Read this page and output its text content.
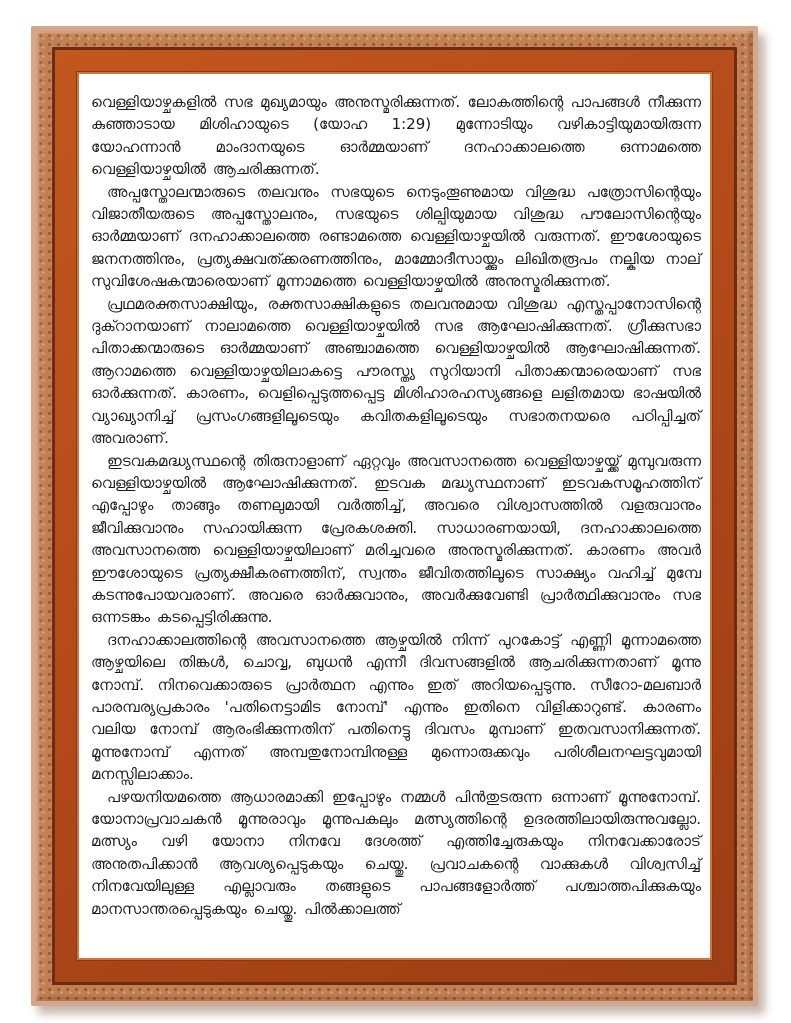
വെള്ളിയാഴ്ചകളിൽ സഭ മുഖ്യമായും അനുസ്മരിക്കുന്നത്. ലോകത്തിന്റെ പാപങ്ങൾ നീക്കുന്ന കുഞ്ഞാടായ മിശിഹായുടെ (യോഹ 1:29) മുന്നോടിയും വഴികാട്ടിയുമായിരുന്ന യോഹന്നാൻ മാംദാനയുടെ ഓർമ്മയാണ് ദനഹാക്കാലത്തെ ഒന്നാമത്തെ വെള്ളിയാഴ്ചയിൽ ആചരിക്കുന്നത്.

അപ്പസ്തോലന്മാരുടെ തലവനും സഭയുടെ നെടുംതൂണുമായ വിശുദ്ധ പത്രോസിന്റെയും വിജാതീയരുടെ അപ്പസ്തോലനും, സഭയുടെ ശില്പിയുമായ വിശുദ്ധ പൗലോസിന്റെയും ഓർമ്മയാണ് ദനഹാക്കാലത്തെ രണ്ടാമത്തെ വെള്ളിയാഴ്ചയിൽ വരുന്നത്. ഈശോയുടെ ജനനത്തിനും, പ്രത്യക്ഷവത്ക്കരണത്തിനും, മാമ്മോദീസായ്ക്കും ലിഖിതരൂപം നല്കിയ നാല് സുവിശേഷകന്മാരെയാണ് മൂന്നാമത്തെ വെള്ളിയാഴ്ചയിൽ അനുസ്മരിക്കുന്നത്.

പ്രഥമരക്തസാക്ഷിയും, രക്തസാക്ഷികളുടെ തലവനുമായ വിശുദ്ധ എസ്തപ്പാനോസിന്റെ ദുക്റാനയാണ് നാലാമത്തെ വെള്ളിയാഴ്ചയിൽ സഭ ആഘോഷിക്കുന്നത്. ഗ്രീക്കുസഭാ പിതാക്കന്മാരുടെ ഓർമ്മയാണ് അഞ്ചാമത്തെ വെള്ളിയാഴ്ചയിൽ ആഘോഷിക്കുന്നത്. ആറാമത്തെ വെള്ളിയാഴ്ചയിലാകട്ടെ പൗരസ്ത്യ സുറിയാനി പിതാക്കന്മാരെയാണ് സഭ ഓർക്കുന്നത്. കാരണം, വെളിപ്പെടുത്തപ്പെട്ട മിശിഹാരഹസ്യങ്ങളെ ലളിതമായ ഭാഷയിൽ വ്യാഖ്യാനിച്ച് പ്രസംഗങ്ങളിലൂടെയും കവിതകളിലൂടെയും സഭാതനയരെ പഠിപ്പിച്ചത് അവരാണ്.

ഇടവകമദ്ധ്യസ്ഥന്റെ തിരുനാളാണ് ഏറ്റവും അവസാനത്തെ വെള്ളിയാഴ്ചയ്ക്ക് മുമ്പുവരുന്ന വെള്ളിയാഴ്ചയിൽ ആഘോഷിക്കുന്നത്. ഇടവക മദ്ധ്യസ്ഥനാണ് ഇടവകസമൂഹത്തിന് എപ്പോഴും താങ്ങും തണലുമായി വർത്തിച്ച്, അവരെ വിശ്വാസത്തിൽ വളരുവാനും ജീവിക്കുവാനും സഹായിക്കുന്ന പ്രേരകശക്തി. സാധാരണയായി, ദനഹാക്കാലത്തെ അവസാനത്തെ വെള്ളിയാഴ്ചയിലാണ് മരിച്ചവരെ അനുസ്മരിക്കുന്നത്. കാരണം അവർ ഈശോയുടെ പ്രത്യക്ഷീകരണത്തിന്, സ്വന്തം ജീവിതത്തിലൂടെ സാക്ഷ്യം വഹിച്ച് മുമ്പേ കടന്നുപോയവരാണ്. അവരെ ഓർക്കുവാനും, അവർക്കുവേണ്ടി പ്രാർത്ഥിക്കുവാനും സഭ ഒന്നടങ്കം കടപ്പെട്ടിരിക്കുന്നു.

ദനഹാക്കാലത്തിന്റെ അവസാനത്തെ ആഴ്ചയിൽ നിന്ന് പുറകോട്ട് എണ്ണി മൂന്നാമത്തെ ആഴ്ചയിലെ തിങ്കൾ, ചൊവ്വ, ബുധൻ എന്നീ ദിവസങ്ങളിൽ ആചരിക്കുന്നതാണ് മൂന്നു നോമ്പ്. നിനവെക്കാരുടെ പ്രാർത്ഥന എന്നും ഇത് അറിയപ്പെടുന്നു. സീറോ-മലബാർ പാരമ്പര്യപ്രകാരം 'പതിനെട്ടാമിട നോമ്പ്' എന്നും ഇതിനെ വിളിക്കാറുണ്ട്. കാരണം വലിയ നോമ്പ് ആരംഭിക്കുന്നതിന് പതിനെട്ടു ദിവസം മുമ്പാണ് ഇതവസാനിക്കുന്നത്. മൂന്നുനോമ്പ് എന്നത് അമ്പതുനോമ്പിനുള്ള മുന്നൊരുക്കവും പരിശീലനഘട്ടവുമായി മനസ്സിലാക്കാം.

പഴയനിയമത്തെ ആധാരമാക്കി ഇപ്പോഴും നമ്മൾ പിൻതുടരുന്ന ഒന്നാണ് മൂന്നുനോമ്പ്. യോനാപ്രവാചകൻ മൂന്നുരാവും മൂന്നുപകലും മത്സ്യത്തിന്റെ ഉദരത്തിലായിരുന്നുവല്ലോ. മത്സ്യം വഴി യോനാ നിനവേ ദേശത്ത് എത്തിച്ചേരുകയും നിനവേക്കാരോട് അനുതപിക്കാൻ ആവശ്യപ്പെടുകയും ചെയ്തു. പ്രവാചകന്റെ വാക്കുകൾ വിശ്വസിച്ച് നിനവേയിലുള്ള എല്ലാവരും തങ്ങളുടെ പാപങ്ങളോർത്ത് പശ്ചാത്തപിക്കുകയും മാനസാന്തരപ്പെടുകയും ചെയ്തു. പിൽക്കാലത്ത്
